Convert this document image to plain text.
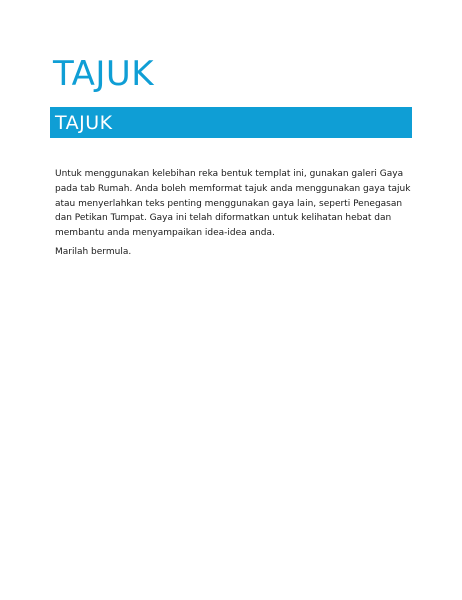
TAJUK
TAJUK

Untuk menggunakan kelebihan reka bentuk templat ini, gunakan galeri Gaya pada tab Rumah. Anda boleh memformat tajuk anda menggunakan gaya tajuk atau menyerlahkan teks penting menggunakan gaya lain, seperti Penegasan dan Petikan Tumpat. Gaya ini telah diformatkan untuk kelihatan hebat dan membantu anda menyampaikan idea-idea anda.

Marilah bermula.
